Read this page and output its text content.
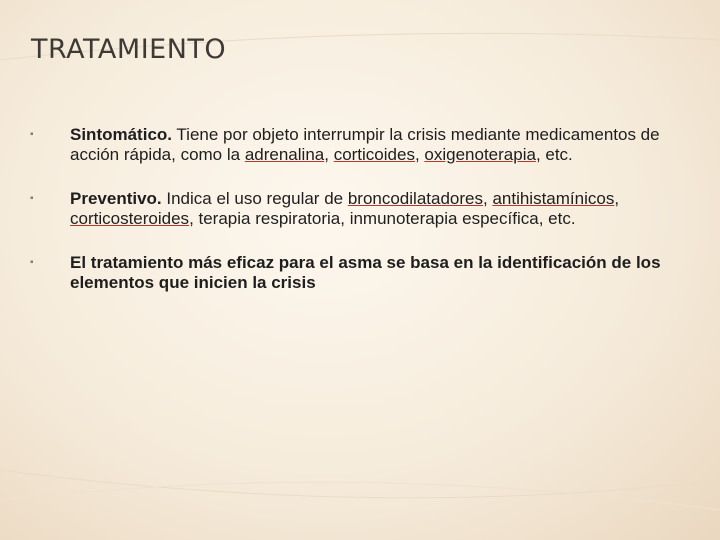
TRATAMIENTO
▪ Sintomático. Tiene por objeto interrumpir la crisis mediante medicamentos de acción rápida, como la adrenalina, corticoides, oxigenoterapia, etc.
▪ Preventivo. Indica el uso regular de broncodilatadores, antihistamínicos, corticosteroides, terapia respiratoria, inmunoterapia específica, etc.
▪ El tratamiento más eficaz para el asma se basa en la identificación de los elementos que inicien la crisis
